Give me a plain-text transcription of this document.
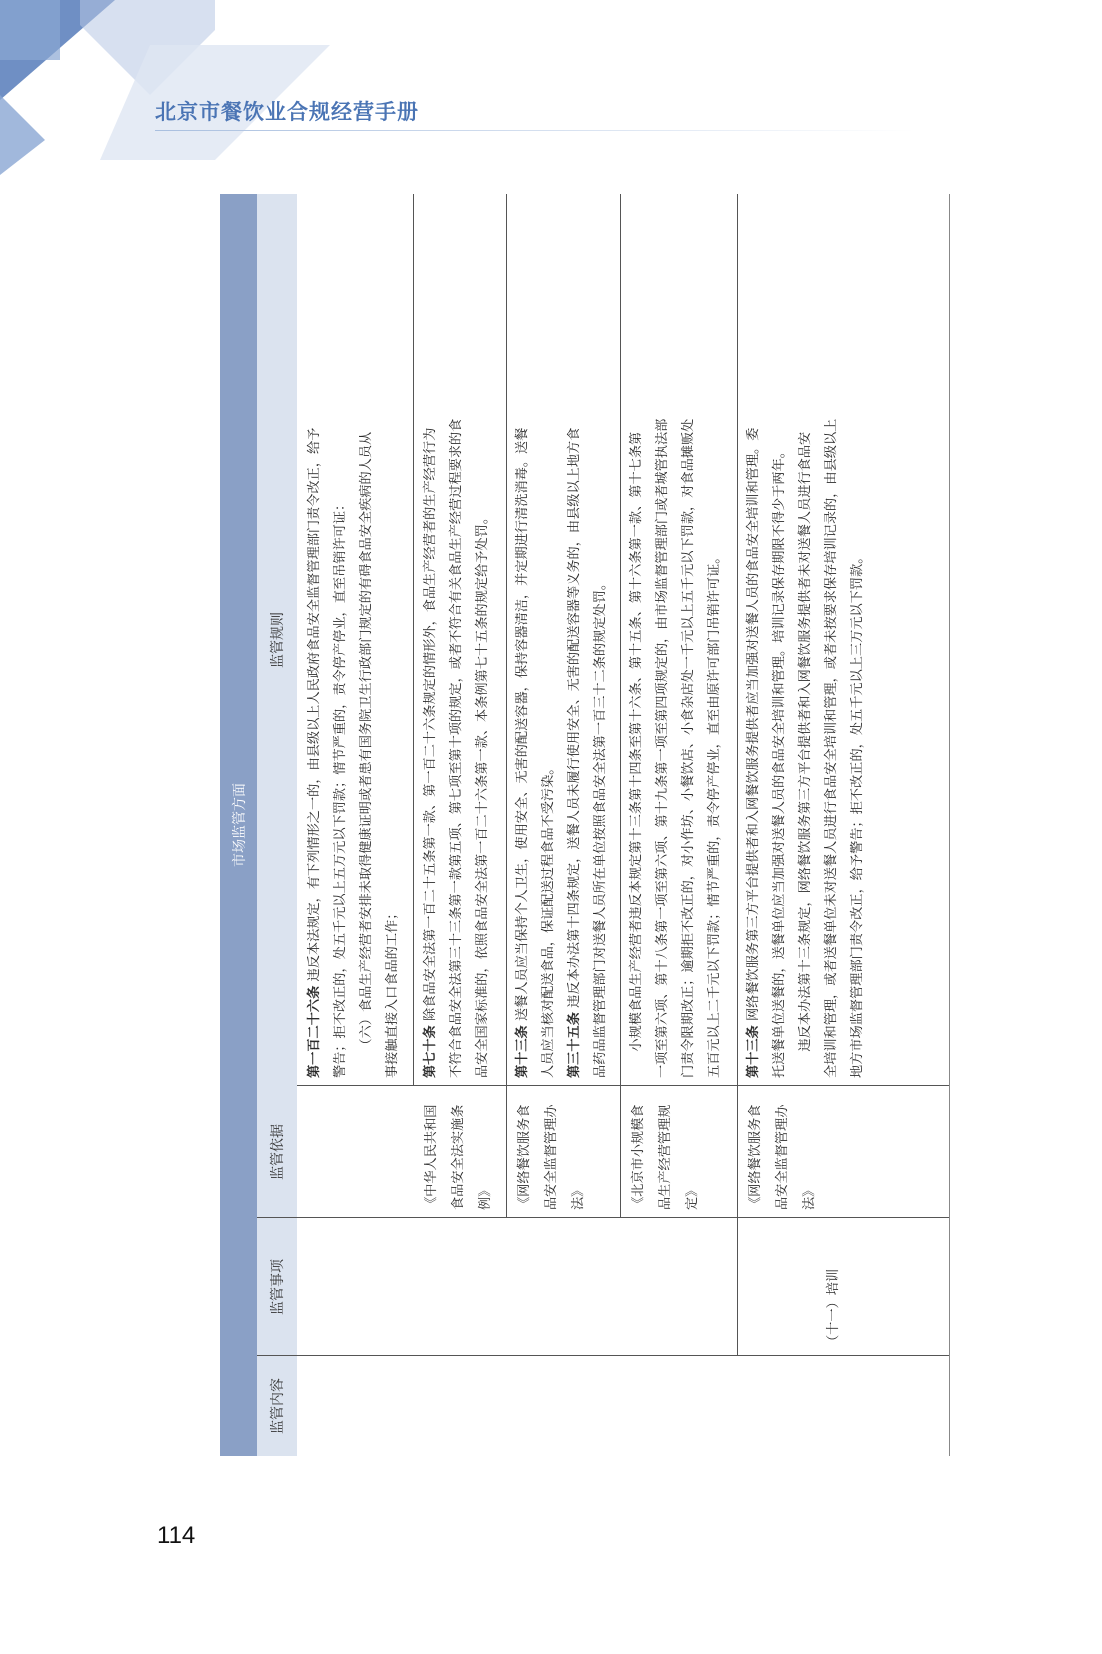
北京市餐饮业合规经营手册
市场监管方面
监管内容
监管事项
监管依据
监管规则
第一百二十六条 违反本法规定，有下列情形之一的，由县级以上人民政府食品安全监督管理部门责令改正，给予 警告；拒不改正的，处五千元以上五万元以下罚款；情节严重的，责令停产停业，直至吊销许可证： （六）食品生产经营者安排未取得健康证明或者患有国务院卫生行政部门规定的有碍食品安全疾病的人员从 事接触直接入口食品的工作；
《中华人民共和国食品安全法实施条例》
第七十条 除食品安全法第一百二十五条第一款、第一百二十六条规定的情形外，食品生产经营者的生产经营行为 不符合食品安全法第三十三条第一款第五项、第七项至第十项的规定，或者不符合有关食品生产经营过程要求的食 品安全国家标准的，依照食品安全法第一百二十六条第一款、本条例第七十五条的规定给予处罚。
《网络餐饮服务食品安全监督管理办法》
第十三条 送餐人员应当保持个人卫生，使用安全、无害的配送容器，保持容器清洁，并定期进行清洗消毒。送餐 人员应当核对配送食品，保证配送过程食品不受污染。 第三十五条 违反本办法第十四条规定，送餐人员未履行使用安全、无害的配送容器等义务的，由县级以上地方食 品药品监督管理部门对送餐人员所在单位按照食品安全法第一百三十二条的规定处罚。
《北京市小规模食品生产经营管理规定》
小规模食品生产经营者违反本规定第十三条第十四条至第十六条、第十五条、第十六条第一款、第十七条第 一项至第六项、第十八条第一项至第六项、第十九条第一项至第四项规定的，由市场监督管理部门或者城管执法部 门责令限期改正；逾期拒不改正的，对小作坊、小餐饮店、小食杂店处一千元以上五千元以下罚款，对食品摊贩处 五百元以上二千元以下罚款；情节严重的，责令停产停业，直至由原许可部门吊销许可证。
（十一）培训
《网络餐饮服务食品安全监督管理办法》
第十三条 网络餐饮服务第三方平台提供者和入网餐饮服务提供者应当加强对送餐人员的食品安全培训和管理。委 托送餐单位送餐的，送餐单位应当加强对送餐人员的食品安全培训和管理。培训记录保存期限不得少于两年。 违反本办法第十三条规定，网络餐饮服务第三方平台提供者和入网餐饮服务提供者未对送餐人员进行食品安 全培训和管理，或者送餐单位未对送餐人员进行食品安全培训和管理，或者未按要求保存培训记录的，由县级以上 地方市场监督管理部门责令改正，给予警告；拒不改正的，处五千元以上三万元以下罚款。
114
